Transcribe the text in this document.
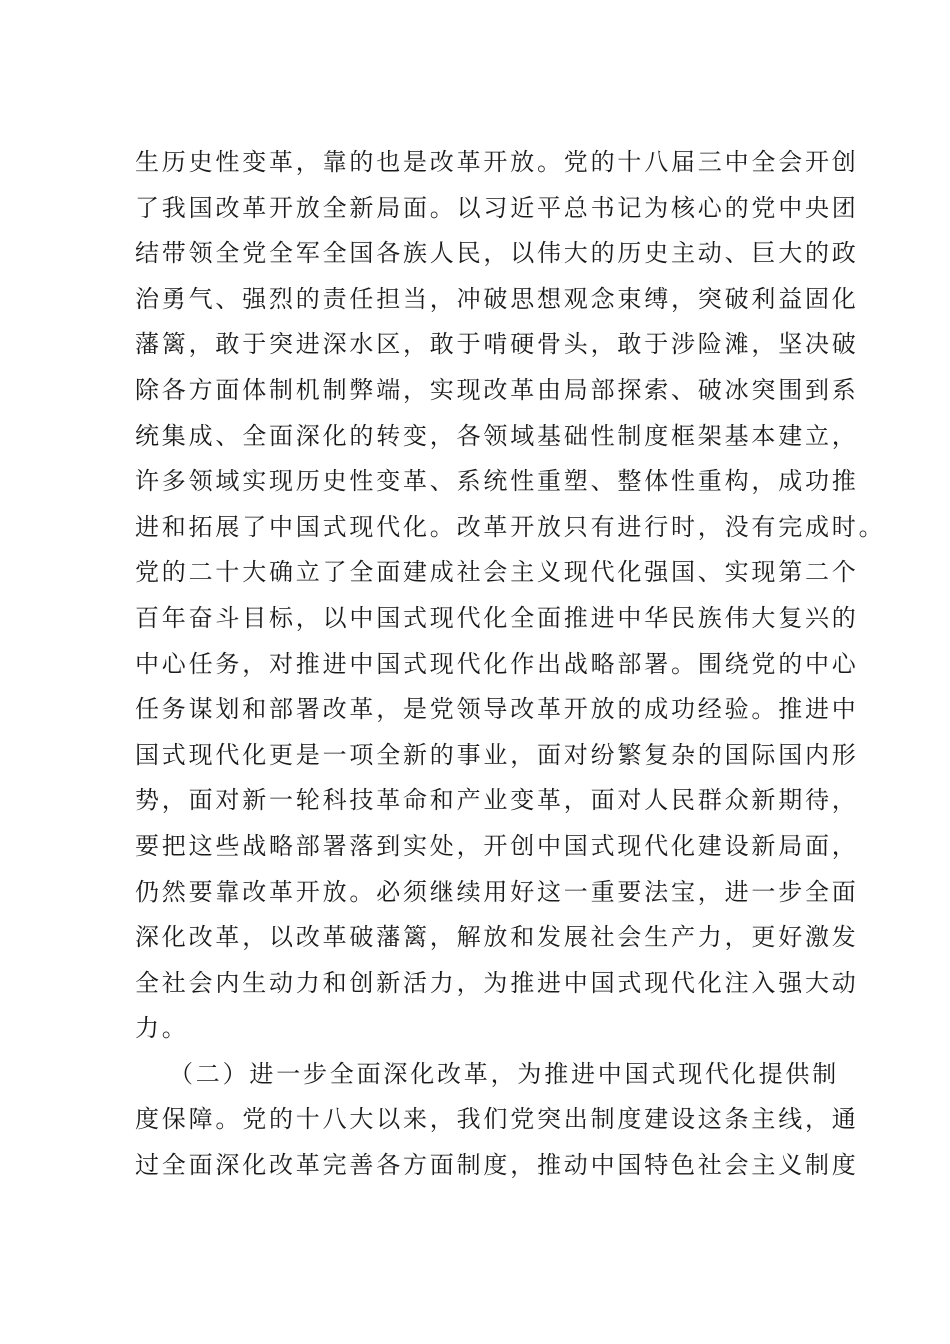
生历史性变革，靠的也是改革开放。党的十八届三中全会开创
了我国改革开放全新局面。以习近平总书记为核心的党中央团
结带领全党全军全国各族人民，以伟大的历史主动、巨大的政
治勇气、强烈的责任担当，冲破思想观念束缚，突破利益固化
藩篱，敢于突进深水区，敢于啃硬骨头，敢于涉险滩，坚决破
除各方面体制机制弊端，实现改革由局部探索、破冰突围到系
统集成、全面深化的转变，各领域基础性制度框架基本建立，
许多领域实现历史性变革、系统性重塑、整体性重构，成功推
进和拓展了中国式现代化。改革开放只有进行时，没有完成时。
党的二十大确立了全面建成社会主义现代化强国、实现第二个
百年奋斗目标，以中国式现代化全面推进中华民族伟大复兴的
中心任务，对推进中国式现代化作出战略部署。围绕党的中心
任务谋划和部署改革，是党领导改革开放的成功经验。推进中
国式现代化更是一项全新的事业，面对纷繁复杂的国际国内形
势，面对新一轮科技革命和产业变革，面对人民群众新期待，
要把这些战略部署落到实处，开创中国式现代化建设新局面，
仍然要靠改革开放。必须继续用好这一重要法宝，进一步全面
深化改革，以改革破藩篱，解放和发展社会生产力，更好激发
全社会内生动力和创新活力，为推进中国式现代化注入强大动
力。
（二）进一步全面深化改革，为推进中国式现代化提供制
度保障。党的十八大以来，我们党突出制度建设这条主线，通
过全面深化改革完善各方面制度，推动中国特色社会主义制度
